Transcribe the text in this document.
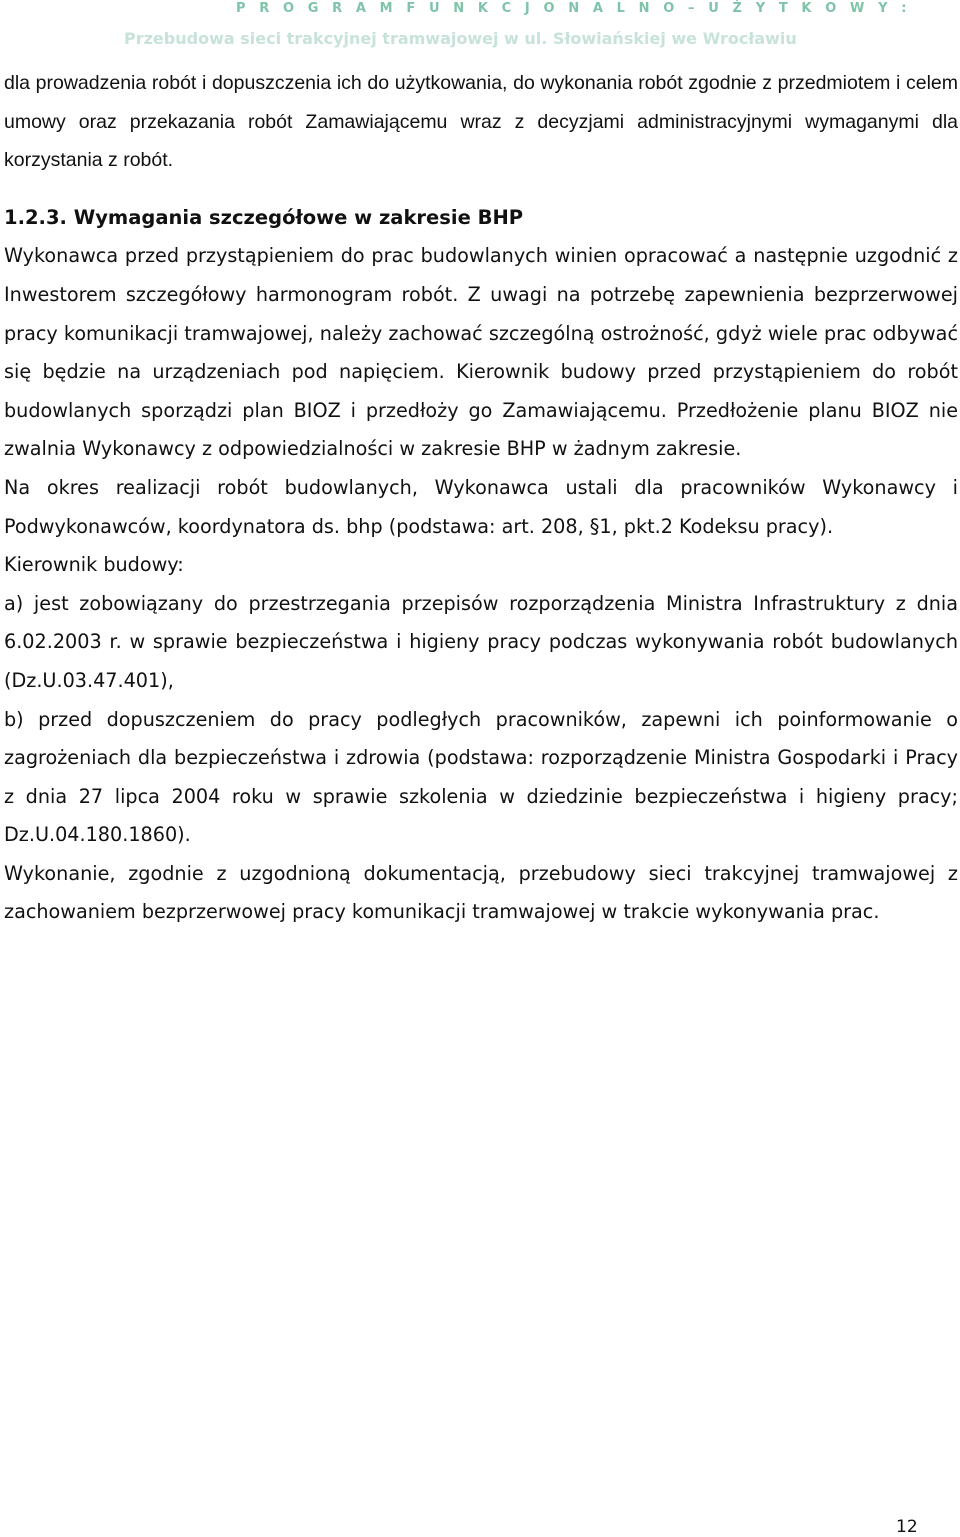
P R O G R A M F U N K C J O N A L N O – U Ż Y T K O W Y :
Przebudowa sieci trakcyjnej tramwajowej w ul. Słowiańskiej we Wrocławiu

dla prowadzenia robót i dopuszczenia ich do użytkowania, do wykonania robót zgodnie z przedmiotem i celem umowy oraz przekazania robót Zamawiającemu wraz z decyzjami administracyjnymi wymaganymi dla korzystania z robót.

1.2.3. Wymagania szczegółowe w zakresie BHP

Wykonawca przed przystąpieniem do prac budowlanych winien opracować a następnie uzgodnić z Inwestorem szczegółowy harmonogram robót. Z uwagi na potrzebę zapewnienia bezprzerwowej pracy komunikacji tramwajowej, należy zachować szczególną ostrożność, gdyż wiele prac odbywać się będzie na urządzeniach pod napięciem. Kierownik budowy przed przystąpieniem do robót budowlanych sporządzi plan BIOZ i przedłoży go Zamawiającemu. Przedłożenie planu BIOZ nie zwalnia Wykonawcy z odpowiedzialności w zakresie BHP w żadnym zakresie.

Na okres realizacji robót budowlanych, Wykonawca ustali dla pracowników Wykonawcy i Podwykonawców, koordynatora ds. bhp (podstawa: art. 208, §1, pkt.2 Kodeksu pracy).

Kierownik budowy:

a) jest zobowiązany do przestrzegania przepisów rozporządzenia Ministra Infrastruktury z dnia 6.02.2003 r. w sprawie bezpieczeństwa i higieny pracy podczas wykonywania robót budowlanych (Dz.U.03.47.401),

b) przed dopuszczeniem do pracy podległych pracowników, zapewni ich poinformowanie o zagrożeniach dla bezpieczeństwa i zdrowia (podstawa: rozporządzenie Ministra Gospodarki i Pracy z dnia 27 lipca 2004 roku w sprawie szkolenia w dziedzinie bezpieczeństwa i higieny pracy; Dz.U.04.180.1860).

Wykonanie, zgodnie z uzgodnioną dokumentacją, przebudowy sieci trakcyjnej tramwajowej z zachowaniem bezprzerwowej pracy komunikacji tramwajowej w trakcie wykonywania prac.

12
